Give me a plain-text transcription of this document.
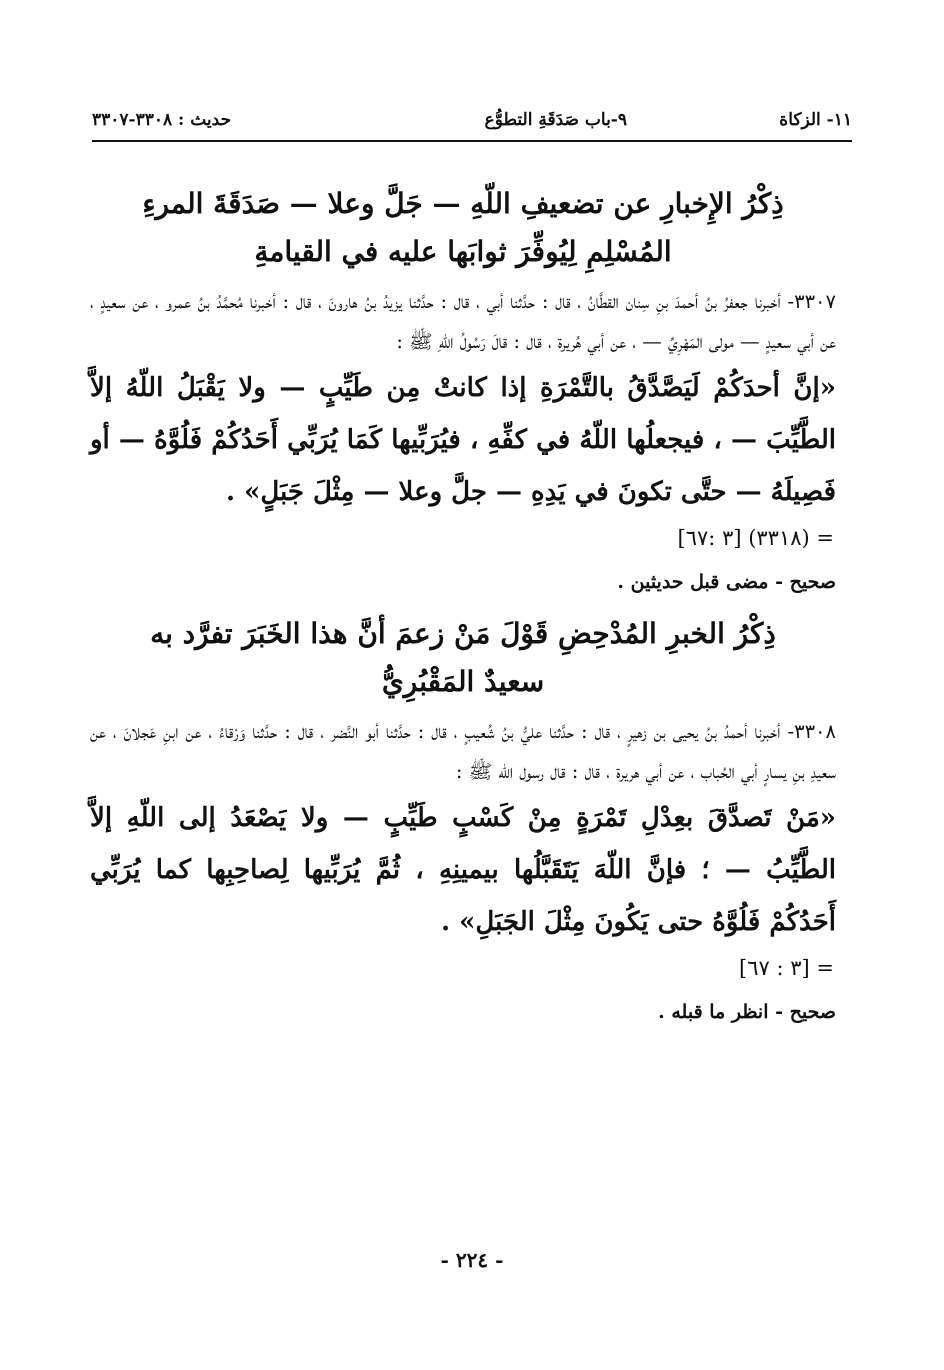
١١- الزكاة
٩-باب صَدَقَةِ التطوُّع
حديث : ٣٣٠٨-٣٣٠٧

ذِكْرُ الإِخبارِ عن تضعيفِ اللّهِ — جَلَّ وعلا — صَدَقَةَ المرءِ

المُسْلِمِ لِيُوفِّرَ ثوابَها عليه في القيامةِ

٣٣٠٧- أخبرنا جعفرُ بنُ أحمدَ بنِ سِنان القطَّانُ ، قال : حدَّثنا أبي ، قال : حدَّثنا يزيدُ بنُ هارونَ ، قال : أخبرنا مُحمَّدُ بنُ عمرو ، عن سعيدٍ ، عن أبي سعيدٍ — مولى المَهْرِيِّ — ، عن أبي هُريرة ، قال : قالَ رَسُولُ اللّهِ ﷺ :

«إنَّ أحدَكُمْ لَيَصَّدَّقُ بالتَّمْرَةِ إذا كانتْ مِن طَيِّبٍ — ولا يَقْبَلُ اللّهُ إلاَّ الطَّيِّبَ — ، فيجعلُها اللّهُ في كفِّهِ ، فيُرَبِّيها كَمَا يُرَبِّي أَحَدُكُمْ فَلُوَّهُ — أو فَصِيلَهُ — حتَّى تكونَ في يَدِهِ — جلَّ وعلا — مِثْلَ جَبَلٍ» .

= (٣٣١٨) [٣ :٦٧]

صحيح - مضى قبل حديثين .

ذِكْرُ الخبرِ المُدْحِضِ قَوْلَ مَنْ زعمَ أنَّ هذا الخَبَرَ تفرَّد به

سعيدٌ المَقْبُرِيُّ

٣٣٠٨- أخبرنا أحمدُ بنُ يحيى بن زهيرٍ ، قال : حدَّثنا عليُّ بنُ شُعيبٍ ، قال : حدَّثنا أبو النَّضر ، قال : حدَّثنا وَرْقاءُ ، عن ابنِ عَجلانَ ، عن سعيدِ بنِ يسارٍ أبي الحُباب ، عن أبي هريرة ، قال : قال رسول اللّه ﷺ :

«مَنْ تَصدَّقَ بعِدْلِ تَمْرَةٍ مِنْ كَسْبٍ طَيِّبٍ — ولا يَصْعَدُ إلى اللّهِ إلاَّ الطَّيِّبُ — ؛ فإنَّ اللّهَ يَتَقَبَّلُها بيمينِهِ ، ثُمَّ يُرَبِّيها لِصاحِبِها كما يُرَبِّي أَحَدُكُمْ فَلُوَّهُ حتى يَكُونَ مِثْلَ الجَبَلِ» .

= [٣ : ٦٧]

صحيح - انظر ما قبله .

- ٢٢٤ -
